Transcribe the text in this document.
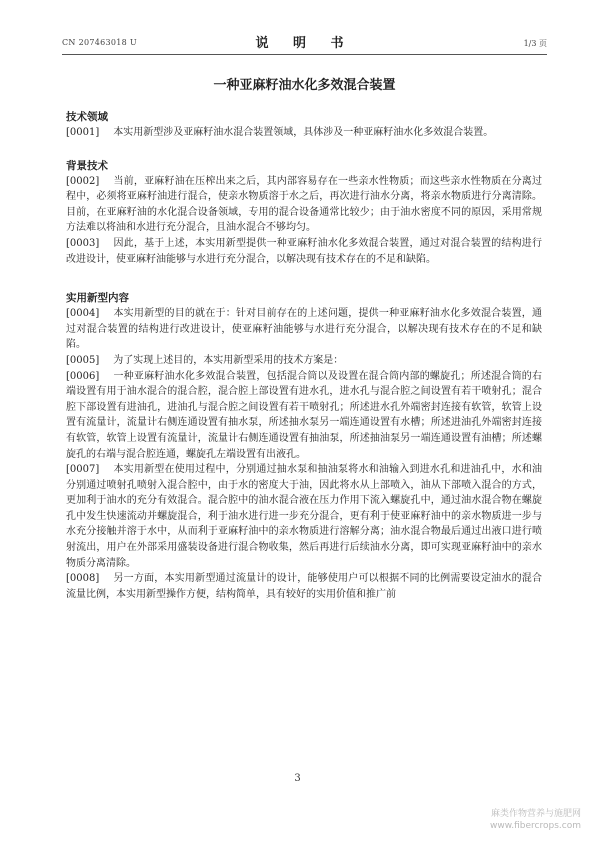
CN 207463018 U	说 明 书	1/3 页
一种亚麻籽油水化多效混合装置
技术领域

[0001] 本实用新型涉及亚麻籽油水混合装置领域，具体涉及一种亚麻籽油水化多效混合装置。

背景技术

[0002] 当前，亚麻籽油在压榨出来之后，其内部容易存在一些亲水性物质；而这些亲水性物质在分离过程中，必须将亚麻籽油进行混合，使亲水物质溶于水之后，再次进行油水分离，将亲水物质进行分离清除。目前，在亚麻籽油的水化混合设备领域，专用的混合设备通常比较少；由于油水密度不同的原因，采用常规方法难以将油和水进行充分混合，且油水混合不够均匀。

[0003] 因此，基于上述，本实用新型提供一种亚麻籽油水化多效混合装置，通过对混合装置的结构进行改进设计，使亚麻籽油能够与水进行充分混合，以解决现有技术存在的不足和缺陷。

实用新型内容

[0004] 本实用新型的目的就在于：针对目前存在的上述问题，提供一种亚麻籽油水化多效混合装置，通过对混合装置的结构进行改进设计，使亚麻籽油能够与水进行充分混合，以解决现有技术存在的不足和缺陷。

[0005] 为了实现上述目的，本实用新型采用的技术方案是：

[0006] 一种亚麻籽油水化多效混合装置，包括混合筒以及设置在混合筒内部的螺旋孔；所述混合筒的右端设置有用于油水混合的混合腔，混合腔上部设置有进水孔，进水孔与混合腔之间设置有若干喷射孔；混合腔下部设置有进油孔，进油孔与混合腔之间设置有若干喷射孔；所述进水孔外端密封连接有软管，软管上设置有流量计，流量计右侧连通设置有抽水泵，所述抽水泵另一端连通设置有水槽；所述进油孔外端密封连接有软管，软管上设置有流量计，流量计右侧连通设置有抽油泵，所述抽油泵另一端连通设置有油槽；所述螺旋孔的右端与混合腔连通，螺旋孔左端设置有出液孔。

[0007] 本实用新型在使用过程中，分别通过抽水泵和抽油泵将水和油输入到进水孔和进油孔中，水和油分别通过喷射孔喷射入混合腔中，由于水的密度大于油，因此将水从上部喷入，油从下部喷入混合的方式，更加利于油水的充分有效混合。混合腔中的油水混合液在压力作用下流入螺旋孔中，通过油水混合物在螺旋孔中发生快速流动并螺旋混合，利于油水进行进一步充分混合，更有利于使亚麻籽油中的亲水物质进一步与水充分接触并溶于水中，从而利于亚麻籽油中的亲水物质进行溶解分离；油水混合物最后通过出液口进行喷射流出，用户在外部采用盛装设备进行混合物收集，然后再进行后续油水分离，即可实现亚麻籽油中的亲水物质分离清除。

[0008] 另一方面，本实用新型通过流量计的设计，能够使用户可以根据不同的比例需要设定油水的混合流量比例，本实用新型操作方便，结构简单，具有较好的实用价值和推广前

3
麻类作物营养与施肥网
www.fibercrops.com
